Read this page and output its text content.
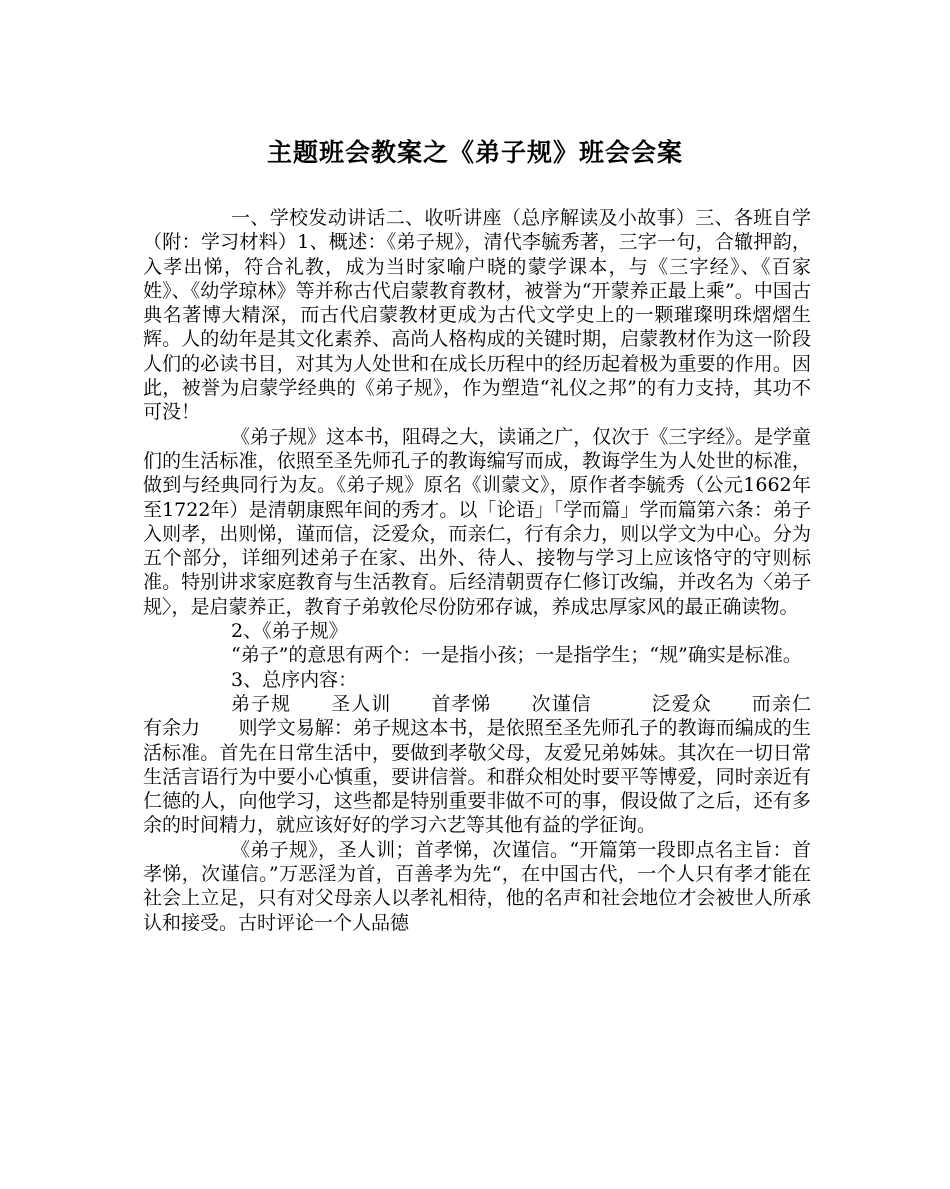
主题班会教案之《弟子规》班会会案

一、学校发动讲话二、收听讲座（总序解读及小故事）三、各班自学（附：学习材料）1、概述：《弟子规》，清代李毓秀著，三字一句，合辙押韵，入孝出悌，符合礼教，成为当时家喻户晓的蒙学课本，与《三字经》、《百家姓》、《幼学琼林》等并称古代启蒙教育教材，被誉为“开蒙养正最上乘”。中国古典名著博大精深，而古代启蒙教材更成为古代文学史上的一颗璀璨明珠熠熠生辉。人的幼年是其文化素养、高尚人格构成的关键时期，启蒙教材作为这一阶段人们的必读书目，对其为人处世和在成长历程中的经历起着极为重要的作用。因此，被誉为启蒙学经典的《弟子规》，作为塑造“礼仪之邦”的有力支持，其功不可没！

《弟子规》这本书，阻碍之大，读诵之广，仅次于《三字经》。是学童们的生活标准，依照至圣先师孔子的教诲编写而成，教诲学生为人处世的标准，做到与经典同行为友。《弟子规》原名《训蒙文》，原作者李毓秀（公元1662年至1722年）是清朝康熙年间的秀才。以「论语」「学而篇」学而篇第六条：弟子入则孝，出则悌，谨而信，泛爱众，而亲仁，行有余力，则以学文为中心。分为五个部分，详细列述弟子在家、出外、待人、接物与学习上应该恪守的守则标准。特别讲求家庭教育与生活教育。后经清朝贾存仁修订改编，并改名为〈弟子规〉，是启蒙养正，教育子弟敦伦尽份防邪存诚，养成忠厚家风的最正确读物。

2、《弟子规》

“弟子”的意思有两个：一是指小孩；一是指学生；“规”确实是标准。

3、总序内容：

弟子规　　圣人训　　首孝悌　　次谨信　　　泛爱众　　而亲仁　　有余力　　则学文易解：弟子规这本书，是依照至圣先师孔子的教诲而编成的生活标准。首先在日常生活中，要做到孝敬父母，友爱兄弟姊妹。其次在一切日常生活言语行为中要小心慎重，要讲信誉。和群众相处时要平等博爱，同时亲近有仁德的人，向他学习，这些都是特别重要非做不可的事，假设做了之后，还有多余的时间精力，就应该好好的学习六艺等其他有益的学征询。

《弟子规》，圣人训；首孝悌，次谨信。“开篇第一段即点名主旨：首孝悌，次谨信。”万恶淫为首，百善孝为先“，在中国古代，一个人只有孝才能在社会上立足，只有对父母亲人以孝礼相待，他的名声和社会地位才会被世人所承认和接受。古时评论一个人品德
